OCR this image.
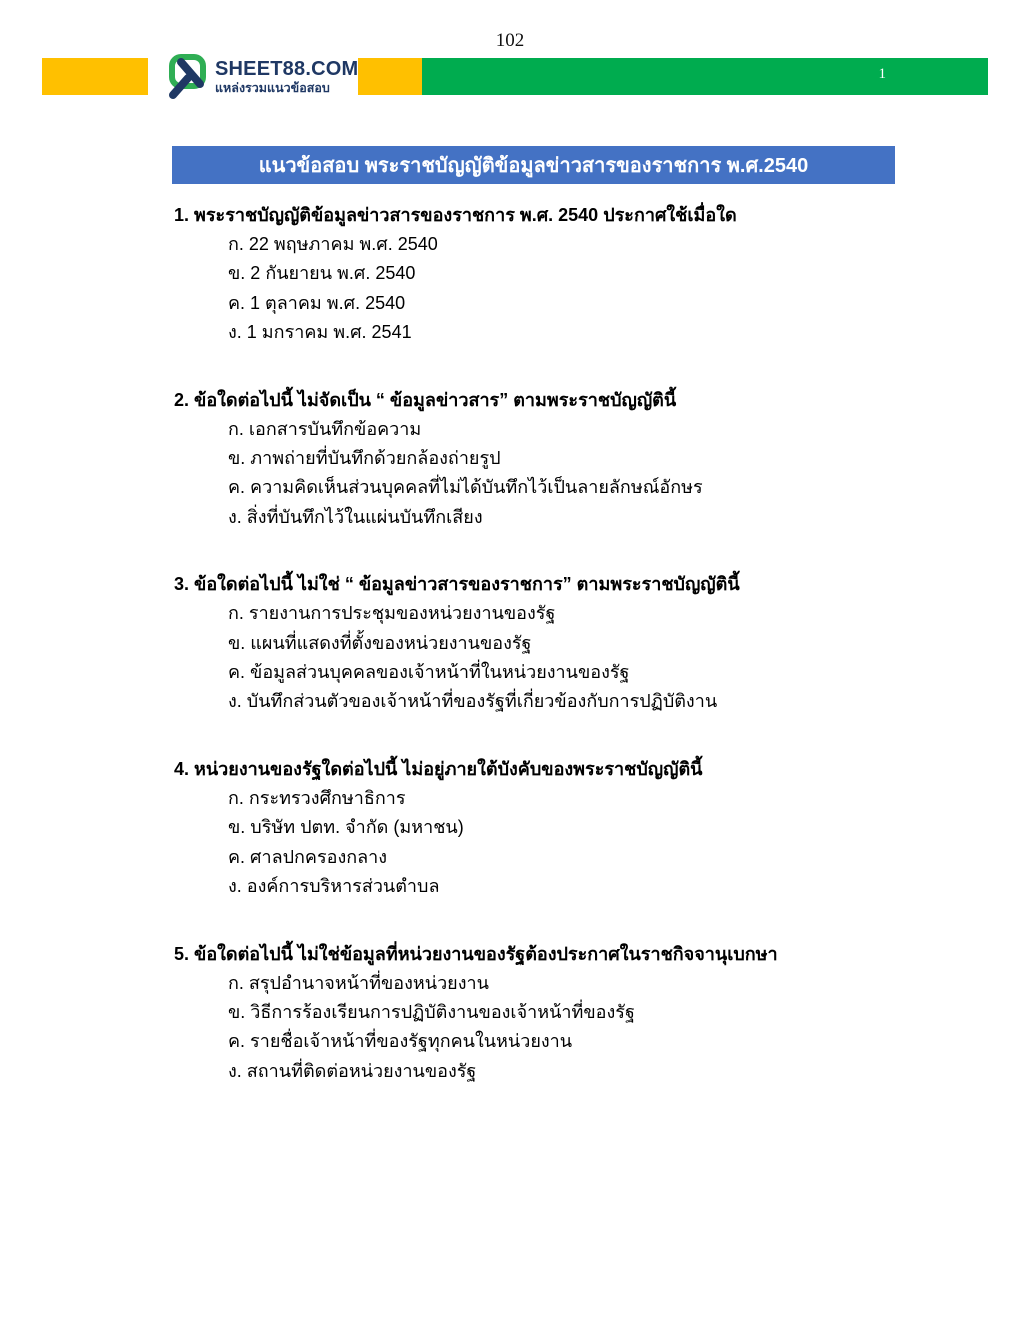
102
SHEET88.COM
แหล่งรวมแนวข้อสอบ
1
แนวข้อสอบ พระราชบัญญัติข้อมูลข่าวสารของราชการ พ.ศ.2540
1. พระราชบัญญัติข้อมูลข่าวสารของราชการ พ.ศ. 2540 ประกาศใช้เมื่อใด
ก. 22 พฤษภาคม พ.ศ. 2540
ข. 2 กันยายน พ.ศ. 2540
ค. 1 ตุลาคม พ.ศ. 2540
ง. 1 มกราคม พ.ศ. 2541
2. ข้อใดต่อไปนี้ ไม่จัดเป็น “ ข้อมูลข่าวสาร” ตามพระราชบัญญัตินี้
ก. เอกสารบันทึกข้อความ
ข. ภาพถ่ายที่บันทึกด้วยกล้องถ่ายรูป
ค. ความคิดเห็นส่วนบุคคลที่ไม่ได้บันทึกไว้เป็นลายลักษณ์อักษร
ง. สิ่งที่บันทึกไว้ในแผ่นบันทึกเสียง
3. ข้อใดต่อไปนี้ ไม่ใช่ “ ข้อมูลข่าวสารของราชการ” ตามพระราชบัญญัตินี้
ก. รายงานการประชุมของหน่วยงานของรัฐ
ข. แผนที่แสดงที่ตั้งของหน่วยงานของรัฐ
ค. ข้อมูลส่วนบุคคลของเจ้าหน้าที่ในหน่วยงานของรัฐ
ง. บันทึกส่วนตัวของเจ้าหน้าที่ของรัฐที่เกี่ยวข้องกับการปฏิบัติงาน
4. หน่วยงานของรัฐใดต่อไปนี้ ไม่อยู่ภายใต้บังคับของพระราชบัญญัตินี้
ก. กระทรวงศึกษาธิการ
ข. บริษัท ปตท. จำกัด (มหาชน)
ค. ศาลปกครองกลาง
ง. องค์การบริหารส่วนตำบล
5. ข้อใดต่อไปนี้ ไม่ใช่ข้อมูลที่หน่วยงานของรัฐต้องประกาศในราชกิจจานุเบกษา
ก. สรุปอำนาจหน้าที่ของหน่วยงาน
ข. วิธีการร้องเรียนการปฏิบัติงานของเจ้าหน้าที่ของรัฐ
ค. รายชื่อเจ้าหน้าที่ของรัฐทุกคนในหน่วยงาน
ง. สถานที่ติดต่อหน่วยงานของรัฐ
